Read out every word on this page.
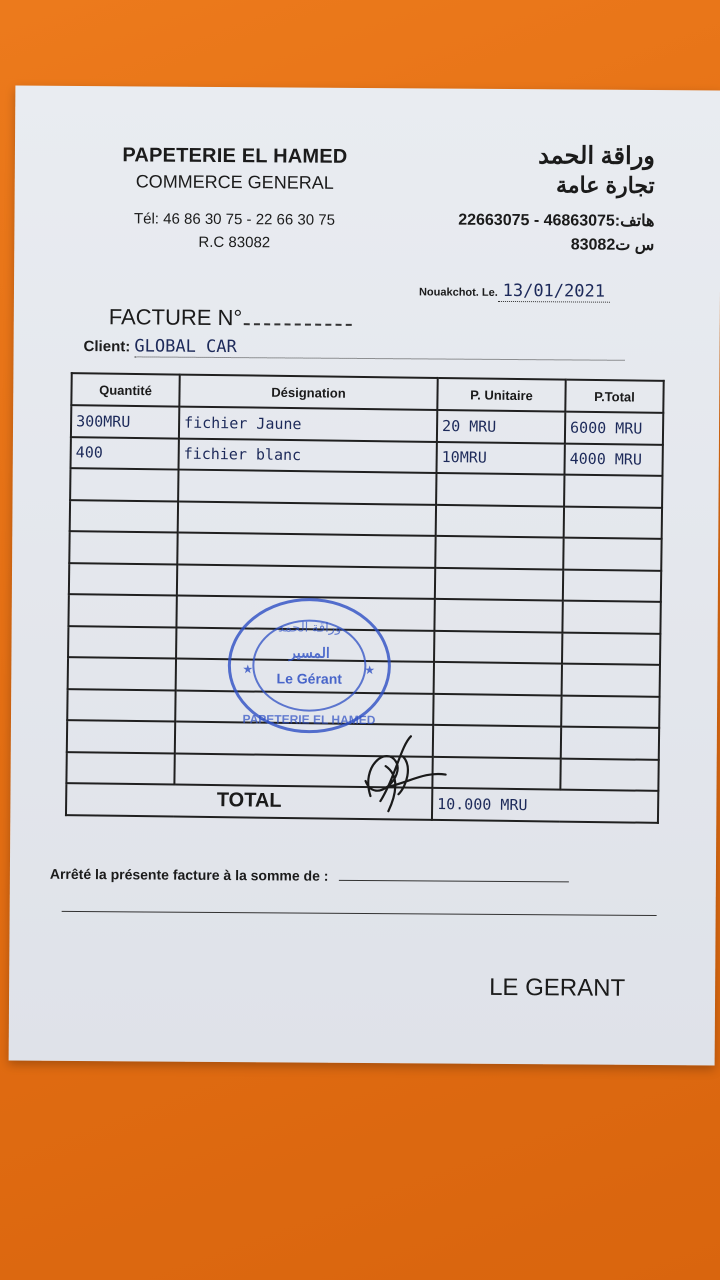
PAPETERIE EL HAMED
COMMERCE GENERAL
Tél: 46 86 30 75 - 22 66 30 75
R.C 83082
وراقة الحمد
تجارة عامة
22663075 - 46863075:هاتف
س ت83082
Nouakchot. Le. 13/01/2021
FACTURE N°
Client: GLOBAL CAR
Quantité	Désignation	P. Unitaire	P.Total
300MRU	fichier Jaune	20 MRU	6000 MRU
400	fichier blanc	10MRU	4000 MRU

TOTAL		10.000 MRU	
وراقة الحمد
المسير
Le Gérant
PAPETERIE EL HAMED
★	★
Arrêté la présente facture à la somme de :
LE GERANT
